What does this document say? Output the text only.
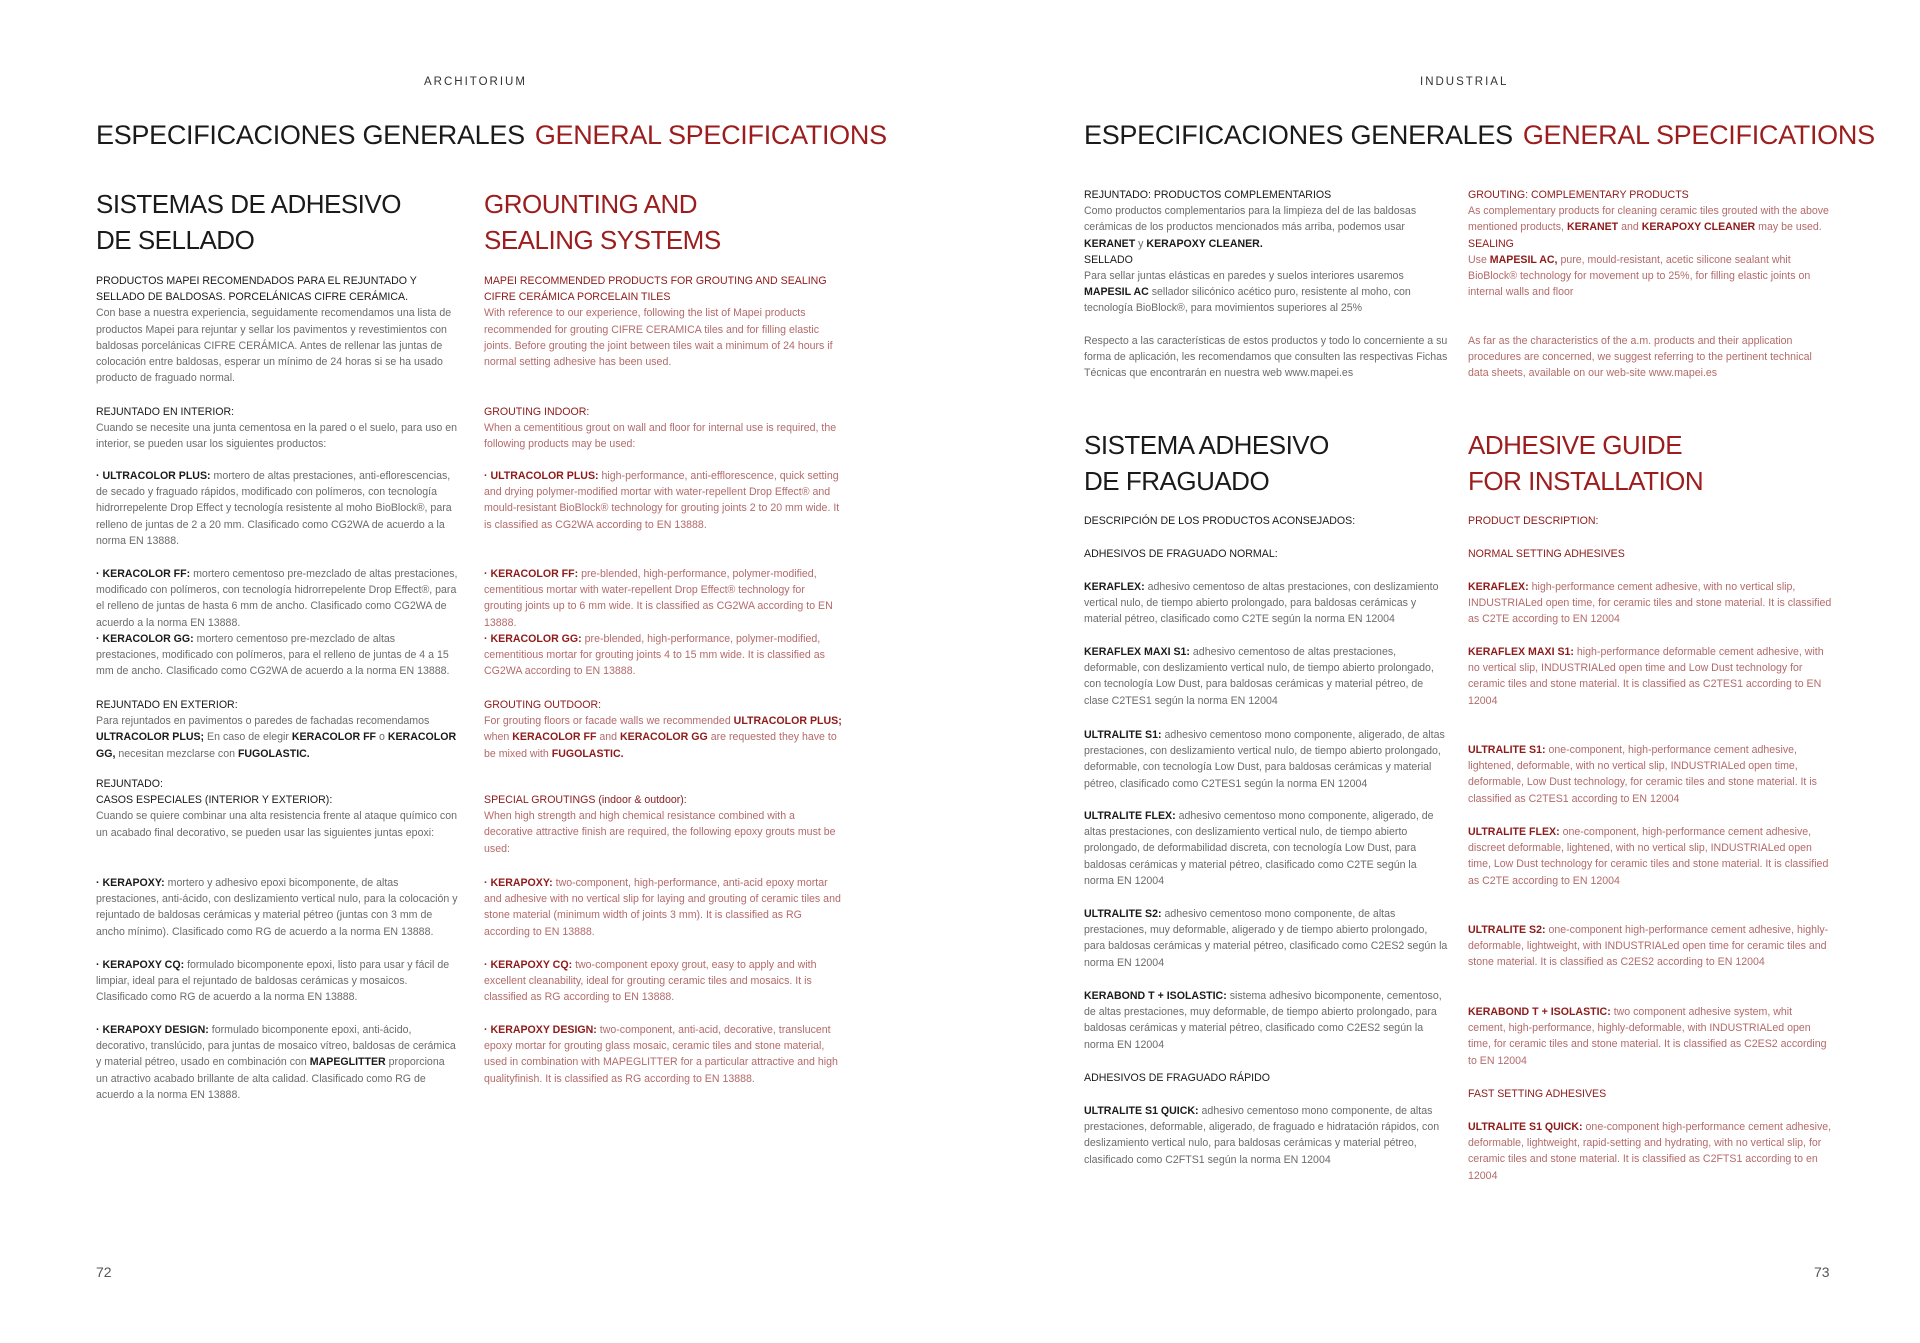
ARCHITORIUM
ESPECIFICACIONES GENERALES GENERAL SPECIFICATIONS
SISTEMAS DE ADHESIVO
DE SELLADO

PRODUCTOS MAPEI RECOMENDADOS PARA EL REJUNTADO Y SELLADO DE BALDOSAS. PORCELÁNICAS CIFRE CERÁMICA.

Con base a nuestra experiencia, seguidamente recomendamos una lista de productos Mapei para rejuntar y sellar los pavimentos y revestimientos con baldosas porcelánicas CIFRE CERÁMICA. Antes de rellenar las juntas de colocación entre baldosas, esperar un mínimo de 24 horas si se ha usado producto de fraguado normal.

REJUNTADO EN INTERIOR:

Cuando se necesite una junta cementosa en la pared o el suelo, para uso en interior, se pueden usar los siguientes productos:

· ULTRACOLOR PLUS: mortero de altas prestaciones, anti-eflorescencias, de secado y fraguado rápidos, modificado con polímeros, con tecnología hidrorrepelente Drop Effect y tecnología resistente al moho BioBlock®, para relleno de juntas de 2 a 20 mm. Clasificado como CG2WA de acuerdo a la norma EN 13888.

· KERACOLOR FF: mortero cementoso pre-mezclado de altas prestaciones, modificado con polímeros, con tecnología hidrorrepelente Drop Effect®, para el relleno de juntas de hasta 6 mm de ancho. Clasificado como CG2WA de acuerdo a la norma EN 13888.

· KERACOLOR GG: mortero cementoso pre-mezclado de altas prestaciones, modificado con polímeros, para el relleno de juntas de 4 a 15 mm de ancho. Clasificado como CG2WA de acuerdo a la norma EN 13888.

REJUNTADO EN EXTERIOR:

Para rejuntados en pavimentos o paredes de fachadas recomendamos ULTRACOLOR PLUS; En caso de elegir KERACOLOR FF o KERACOLOR GG, necesitan mezclarse con FUGOLASTIC.

REJUNTADO:

CASOS ESPECIALES (INTERIOR Y EXTERIOR):

Cuando se quiere combinar una alta resistencia frente al ataque químico con un acabado final decorativo, se pueden usar las siguientes juntas epoxi:

· KERAPOXY: mortero y adhesivo epoxi bicomponente, de altas prestaciones, anti-ácido, con deslizamiento vertical nulo, para la colocación y rejuntado de baldosas cerámicas y material pétreo (juntas con 3 mm de ancho mínimo). Clasificado como RG de acuerdo a la norma EN 13888.

· KERAPOXY CQ: formulado bicomponente epoxi, listo para usar y fácil de limpiar, ideal para el rejuntado de baldosas cerámicas y mosaicos. Clasificado como RG de acuerdo a la norma EN 13888.

· KERAPOXY DESIGN: formulado bicomponente epoxi, anti-ácido, decorativo, translúcido, para juntas de mosaico vítreo, baldosas de cerámica y material pétreo, usado en combinación con MAPEGLITTER proporciona un atractivo acabado brillante de alta calidad. Clasificado como RG de acuerdo a la norma EN 13888.

GROUNTING AND
SEALING SYSTEMS

MAPEI RECOMMENDED PRODUCTS FOR GROUTING AND SEALING CIFRE CERÁMICA PORCELAIN TILES

With reference to our experience, following the list of Mapei products recommended for grouting CIFRE CERAMICA tiles and for filling elastic joints. Before grouting the joint between tiles wait a minimum of 24 hours if normal setting adhesive has been used.

GROUTING INDOOR:

When a cementitious grout on wall and floor for internal use is required, the following products may be used:

· ULTRACOLOR PLUS: high-performance, anti-efflorescence, quick setting and drying polymer-modified mortar with water-repellent Drop Effect® and mould-resistant BioBlock® technology for grouting joints 2 to 20 mm wide. It is classified as CG2WA according to EN 13888.

· KERACOLOR FF: pre-blended, high-performance, polymer-modified, cementitious mortar with water-repellent Drop Effect® technology for grouting joints up to 6 mm wide. It is classified as CG2WA according to EN 13888.

· KERACOLOR GG: pre-blended, high-performance, polymer-modified, cementitious mortar for grouting joints 4 to 15 mm wide. It is classified as CG2WA according to EN 13888.

GROUTING OUTDOOR:

For grouting floors or facade walls we recommended ULTRACOLOR PLUS; when KERACOLOR FF and KERACOLOR GG are requested they have to be mixed with FUGOLASTIC.

SPECIAL GROUTINGS (indoor & outdoor):

When high strength and high chemical resistance combined with a decorative attractive finish are required, the following epoxy grouts must be used:

· KERAPOXY: two-component, high-performance, anti-acid epoxy mortar and adhesive with no vertical slip for laying and grouting of ceramic tiles and stone material (minimum width of joints 3 mm). It is classified as RG according to EN 13888.

· KERAPOXY CQ: two-component epoxy grout, easy to apply and with excellent cleanability, ideal for grouting ceramic tiles and mosaics. It is classified as RG according to EN 13888.

· KERAPOXY DESIGN: two-component, anti-acid, decorative, translucent epoxy mortar for grouting glass mosaic, ceramic tiles and stone material, used in combination with MAPEGLITTER for a particular attractive and high qualityfinish. It is classified as RG according to EN 13888.

72
INDUSTRIAL
ESPECIFICACIONES GENERALES GENERAL SPECIFICATIONS

REJUNTADO: PRODUCTOS COMPLEMENTARIOS

Como productos complementarios para la limpieza del de las baldosas cerámicas de los productos mencionados más arriba, podemos usar KERANET y KERAPOXY CLEANER.

SELLADO

Para sellar juntas elásticas en paredes y suelos interiores usaremos MAPESIL AC sellador silicónico acético puro, resistente al moho, con tecnología BioBlock®, para movimientos superiores al 25%

Respecto a las características de estos productos y todo lo concerniente a su forma de aplicación, les recomendamos que consulten las respectivas Fichas Técnicas que encontrarán en nuestra web www.mapei.es

SISTEMA ADHESIVO
DE FRAGUADO

DESCRIPCIÓN DE LOS PRODUCTOS ACONSEJADOS:

ADHESIVOS DE FRAGUADO NORMAL:

KERAFLEX: adhesivo cementoso de altas prestaciones, con deslizamiento vertical nulo, de tiempo abierto prolongado, para baldosas cerámicas y material pétreo, clasificado como C2TE según la norma EN 12004

KERAFLEX MAXI S1: adhesivo cementoso de altas prestaciones, deformable, con deslizamiento vertical nulo, de tiempo abierto prolongado, con tecnología Low Dust, para baldosas cerámicas y material pétreo, de clase C2TES1 según la norma EN 12004

ULTRALITE S1: adhesivo cementoso mono componente, aligerado, de altas prestaciones, con deslizamiento vertical nulo, de tiempo abierto prolongado, deformable, con tecnología Low Dust, para baldosas cerámicas y material pétreo, clasificado como C2TES1 según la norma EN 12004

ULTRALITE FLEX: adhesivo cementoso mono componente, aligerado, de altas prestaciones, con deslizamiento vertical nulo, de tiempo abierto prolongado, de deformabilidad discreta, con tecnología Low Dust, para baldosas cerámicas y material pétreo, clasificado como C2TE según la norma EN 12004

ULTRALITE S2: adhesivo cementoso mono componente, de altas prestaciones, muy deformable, aligerado y de tiempo abierto prolongado, para baldosas cerámicas y material pétreo, clasificado como C2ES2 según la norma EN 12004

KERABOND T + ISOLASTIC: sistema adhesivo bicomponente, cementoso, de altas prestaciones, muy deformable, de tiempo abierto prolongado, para baldosas cerámicas y material pétreo, clasificado como C2ES2 según la norma EN 12004

ADHESIVOS DE FRAGUADO RÁPIDO

ULTRALITE S1 QUICK: adhesivo cementoso mono componente, de altas prestaciones, deformable, aligerado, de fraguado e hidratación rápidos, con deslizamiento vertical nulo, para baldosas cerámicas y material pétreo, clasificado como C2FTS1 según la norma EN 12004

GROUTING: COMPLEMENTARY PRODUCTS

As complementary products for cleaning ceramic tiles grouted with the above mentioned products, KERANET and KERAPOXY CLEANER may be used.

SEALING

Use MAPESIL AC, pure, mould-resistant, acetic silicone sealant whit BioBlock® technology for movement up to 25%, for filling elastic joints on internal walls and floor

As far as the characteristics of the a.m. products and their application procedures are concerned, we suggest referring to the pertinent technical data sheets, available on our web-site www.mapei.es

ADHESIVE GUIDE
FOR INSTALLATION

PRODUCT DESCRIPTION:

NORMAL SETTING ADHESIVES

KERAFLEX: high-performance cement adhesive, with no vertical slip, INDUSTRIALed open time, for ceramic tiles and stone material. It is classified as C2TE according to EN 12004

KERAFLEX MAXI S1: high-performance deformable cement adhesive, with no vertical slip, INDUSTRIALed open time and Low Dust technology for ceramic tiles and stone material. It is classified as C2TES1 according to EN 12004

ULTRALITE S1: one-component, high-performance cement adhesive, lightened, deformable, with no vertical slip, INDUSTRIALed open time, deformable, Low Dust technology, for ceramic tiles and stone material. It is classified as C2TES1 according to EN 12004

ULTRALITE FLEX: one-component, high-performance cement adhesive, discreet deformable, lightened, with no vertical slip, INDUSTRIALed open time, Low Dust technology for ceramic tiles and stone material. It is classified as C2TE according to EN 12004

ULTRALITE S2: one-component high-performance cement adhesive, highly-deformable, lightweight, with INDUSTRIALed open time for ceramic tiles and stone material. It is classified as C2ES2 according to EN 12004

KERABOND T + ISOLASTIC: two component adhesive system, whit cement, high-performance, highly-deformable, with INDUSTRIALed open time, for ceramic tiles and stone material. It is classified as C2ES2 according to EN 12004

FAST SETTING ADHESIVES

ULTRALITE S1 QUICK: one-component high-performance cement adhesive, deformable, lightweight, rapid-setting and hydrating, with no vertical slip, for ceramic tiles and stone material. It is classified as C2FTS1 according to en 12004

73
